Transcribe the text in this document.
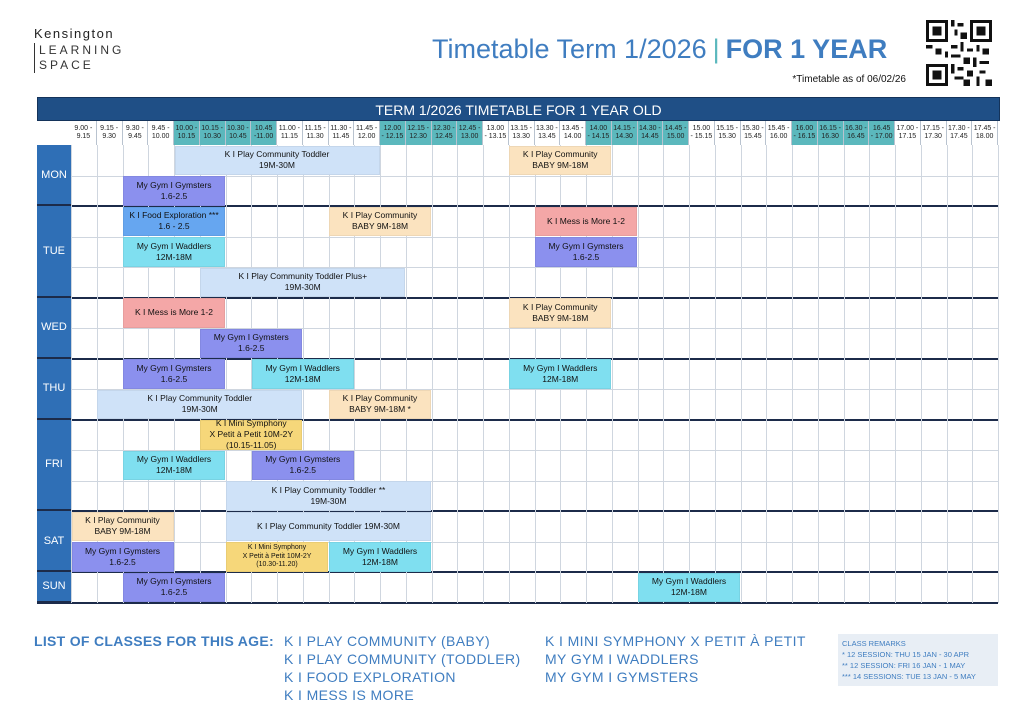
Kensington
LEARNING
SPACE
Timetable Term 1/2026 | FOR 1 YEAR
*Timetable as of 06/02/26
TERM 1/2026 TIMETABLE FOR 1 YEAR OLD
9.00 -
9.15
9.15 -
9.30
9.30 -
9.45
9.45 -
10.00
10.00 -
10.15
10.15 -
10.30
10.30 -
10.45
10.45
-11.00
11.00 -
11.15
11.15 -
11.30
11.30 -
11.45
11.45 -
12.00
12.00
- 12.15
12.15 -
12.30
12.30 -
12.45
12.45 -
13.00
13.00
- 13.15
13.15 -
13.30
13.30 -
13.45
13.45 -
14.00
14.00
- 14.15
14.15 -
14.30
14.30 -
14.45
14.45 -
15.00
15.00
- 15.15
15.15 -
15.30
15.30 -
15.45
15.45 -
16.00
16.00
- 16.15
16.15 -
16.30
16.30 -
16.45
16.45
- 17.00
17.00 -
17.15
17.15 -
17.30
17.30 -
17.45
17.45 -
18.00
MON
TUE
WED
THU
FRI
SAT
SUN
K I Play Community Toddler
19M-30M
K I Play Community
BABY 9M-18M
My Gym I Gymsters
1.6-2.5
K I Food Exploration ***
1.6 - 2.5
K I Play Community
BABY 9M-18M
K I Mess is More 1-2
My Gym I Waddlers
12M-18M
My Gym I Gymsters
1.6-2.5
K I Play Community Toddler Plus+
19M-30M
K I Mess is More 1-2
K I Play Community
BABY 9M-18M
My Gym I Gymsters
1.6-2.5
My Gym I Gymsters
1.6-2.5
My Gym I Waddlers
12M-18M
My Gym I Waddlers
12M-18M
K I Play Community Toddler
19M-30M
K I Play Community
BABY 9M-18M *
K I Mini Symphony
X Petit à Petit 10M-2Y
(10.15-11.05)
My Gym I Waddlers
12M-18M
My Gym I Gymsters
1.6-2.5
K I Play Community Toddler **
19M-30M
K I Play Community
BABY 9M-18M
K I Play Community Toddler 19M-30M
My Gym I Gymsters
1.6-2.5
K I Mini Symphony
X Petit à Petit 10M-2Y
(10.30-11.20)
My Gym I Waddlers
12M-18M
My Gym I Gymsters
1.6-2.5
My Gym I Waddlers
12M-18M
LIST OF CLASSES FOR THIS AGE: K I PLAY COMMUNITY (BABY)
K I PLAY COMMUNITY (TODDLER)
K I FOOD EXPLORATION
K I MESS IS MORE
K I MINI SYMPHONY X PETIT À PETIT
MY GYM I WADDLERS
MY GYM I GYMSTERS
CLASS REMARKS
* 12 SESSION: THU 15 JAN - 30 APR
** 12 SESSION: FRI 16 JAN - 1 MAY
*** 14 SESSIONS: TUE 13 JAN - 5 MAY
